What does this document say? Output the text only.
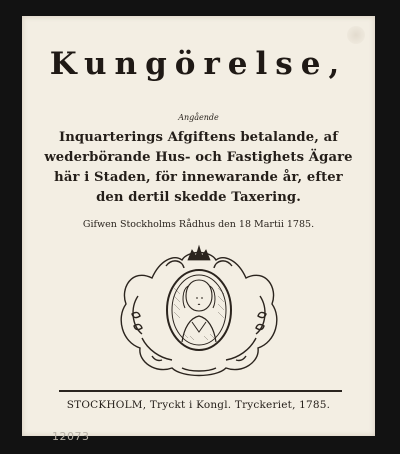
Kungörelse,
Angående
Inquarterings Afgiftens betalande, af
wederbörande Hus- och Fastighets Ägare
här i Staden, för innewarande år, efter
den dertil skedde Taxering.
Gifwen Stockholms Rådhus den 18 Martii 1785.
STOCKHOLM, Tryckt i Kongl. Tryckeriet, 1785.
12073
